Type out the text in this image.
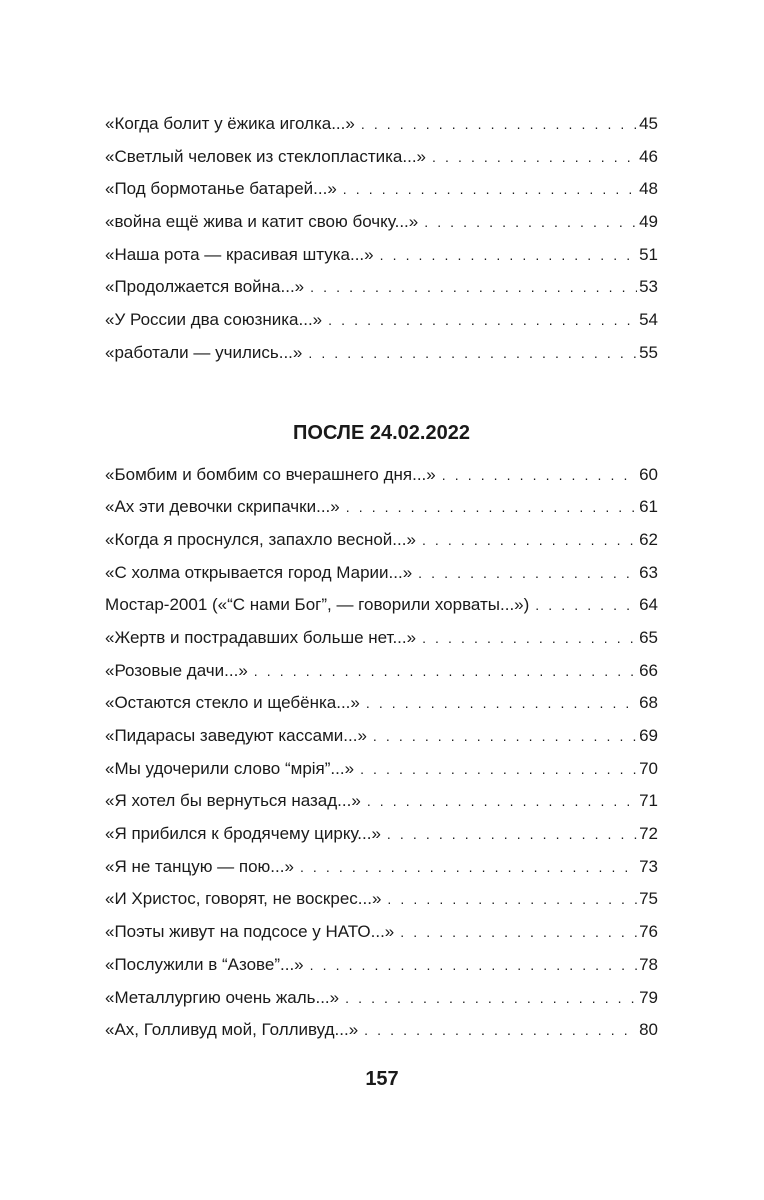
«Когда болит у ёжика иголка...» . . .	45
«Светлый человек из стеклопластика...» . . .	46
«Под бормотанье батарей...» . . .	48
«война ещё жива и катит свою бочку...» . . .	49
«Наша рота — красивая штука...» . . .	51
«Продолжается война...» . . .	53
«У России два союзника...» . . .	54
«работали — учились...» . . .	55
ПОСЛЕ 24.02.2022
«Бомбим и бомбим со вчерашнего дня...» . . .	60
«Ах эти девочки скрипачки...» . . .	61
«Когда я проснулся, запахло весной...» . . .	62
«С холма открывается город Марии...» . . .	63
Мостар-2001 («“С нами Бог”, — говорили хорваты...») . . .	64
«Жертв и пострадавших больше нет...» . . .	65
«Розовые дачи...» . . .	66
«Остаются стекло и щебёнка...» . . .	68
«Пидарасы заведуют кассами...» . . .	69
«Мы удочерили слово “мрія”...» . . .	70
«Я хотел бы вернуться назад...» . . .	71
«Я прибился к бродячему цирку...» . . .	72
«Я не танцую — пою...» . . .	73
«И Христос, говорят, не воскрес...» . . .	75
«Поэты живут на подсосе у НАТО...» . . .	76
«Послужили в “Азове”...» . . .	78
«Металлургию очень жаль...» . . .	79
«Ах, Голливуд мой, Голливуд...» . . .	80
157
